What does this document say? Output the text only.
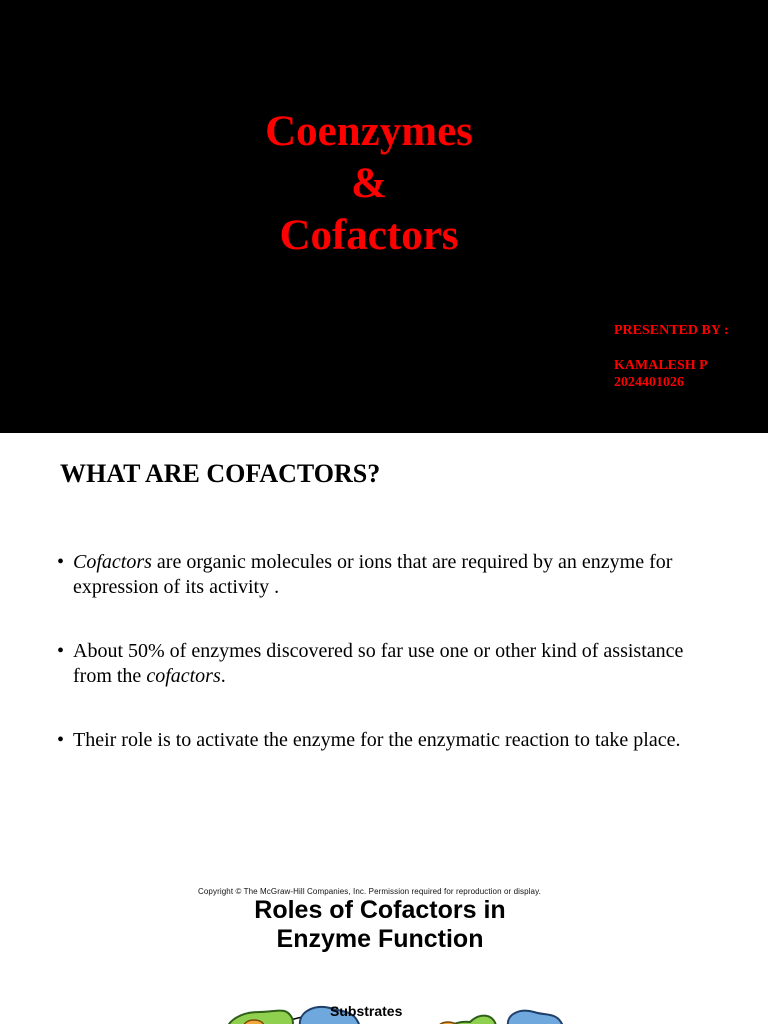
Coenzymes
&
Cofactors
PRESENTED BY :
KAMALESH P
2024401026
WHAT ARE COFACTORS?
• Cofactors are organic molecules or ions that are required by an enzyme for expression of its activity .
• About 50% of enzymes discovered so far use one or other kind of assistance from the cofactors.
• Their role is to activate the enzyme for the enzymatic reaction to take place.
Copyright © The McGraw-Hill Companies, Inc. Permission required for reproduction or display.
Roles of Cofactors in
Enzyme Function
Substrates
